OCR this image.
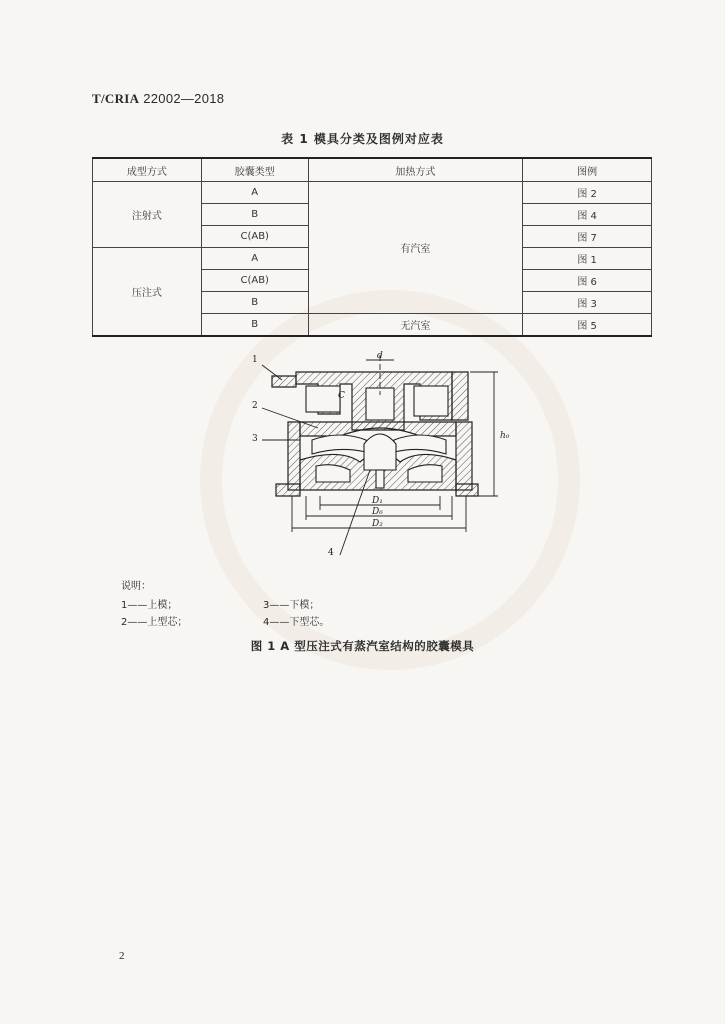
T/CRIA 22002—2018
表 1 模具分类及图例对应表
成型方式	胶囊类型	加热方式	图例
注射式	A	有汽室	图 2
	B		图 4
	C(AB)		图 7
压注式	A		图 1
	C(AB)		图 6
	B		图 3
	B	无汽室	图 5
d
C
h₀
D₁
D₆
D₂
1
2
3
4
说明：
1——上模；
2——上型芯；
3——下模；
4——下型芯。
图 1 A 型压注式有蒸汽室结构的胶囊模具
2
